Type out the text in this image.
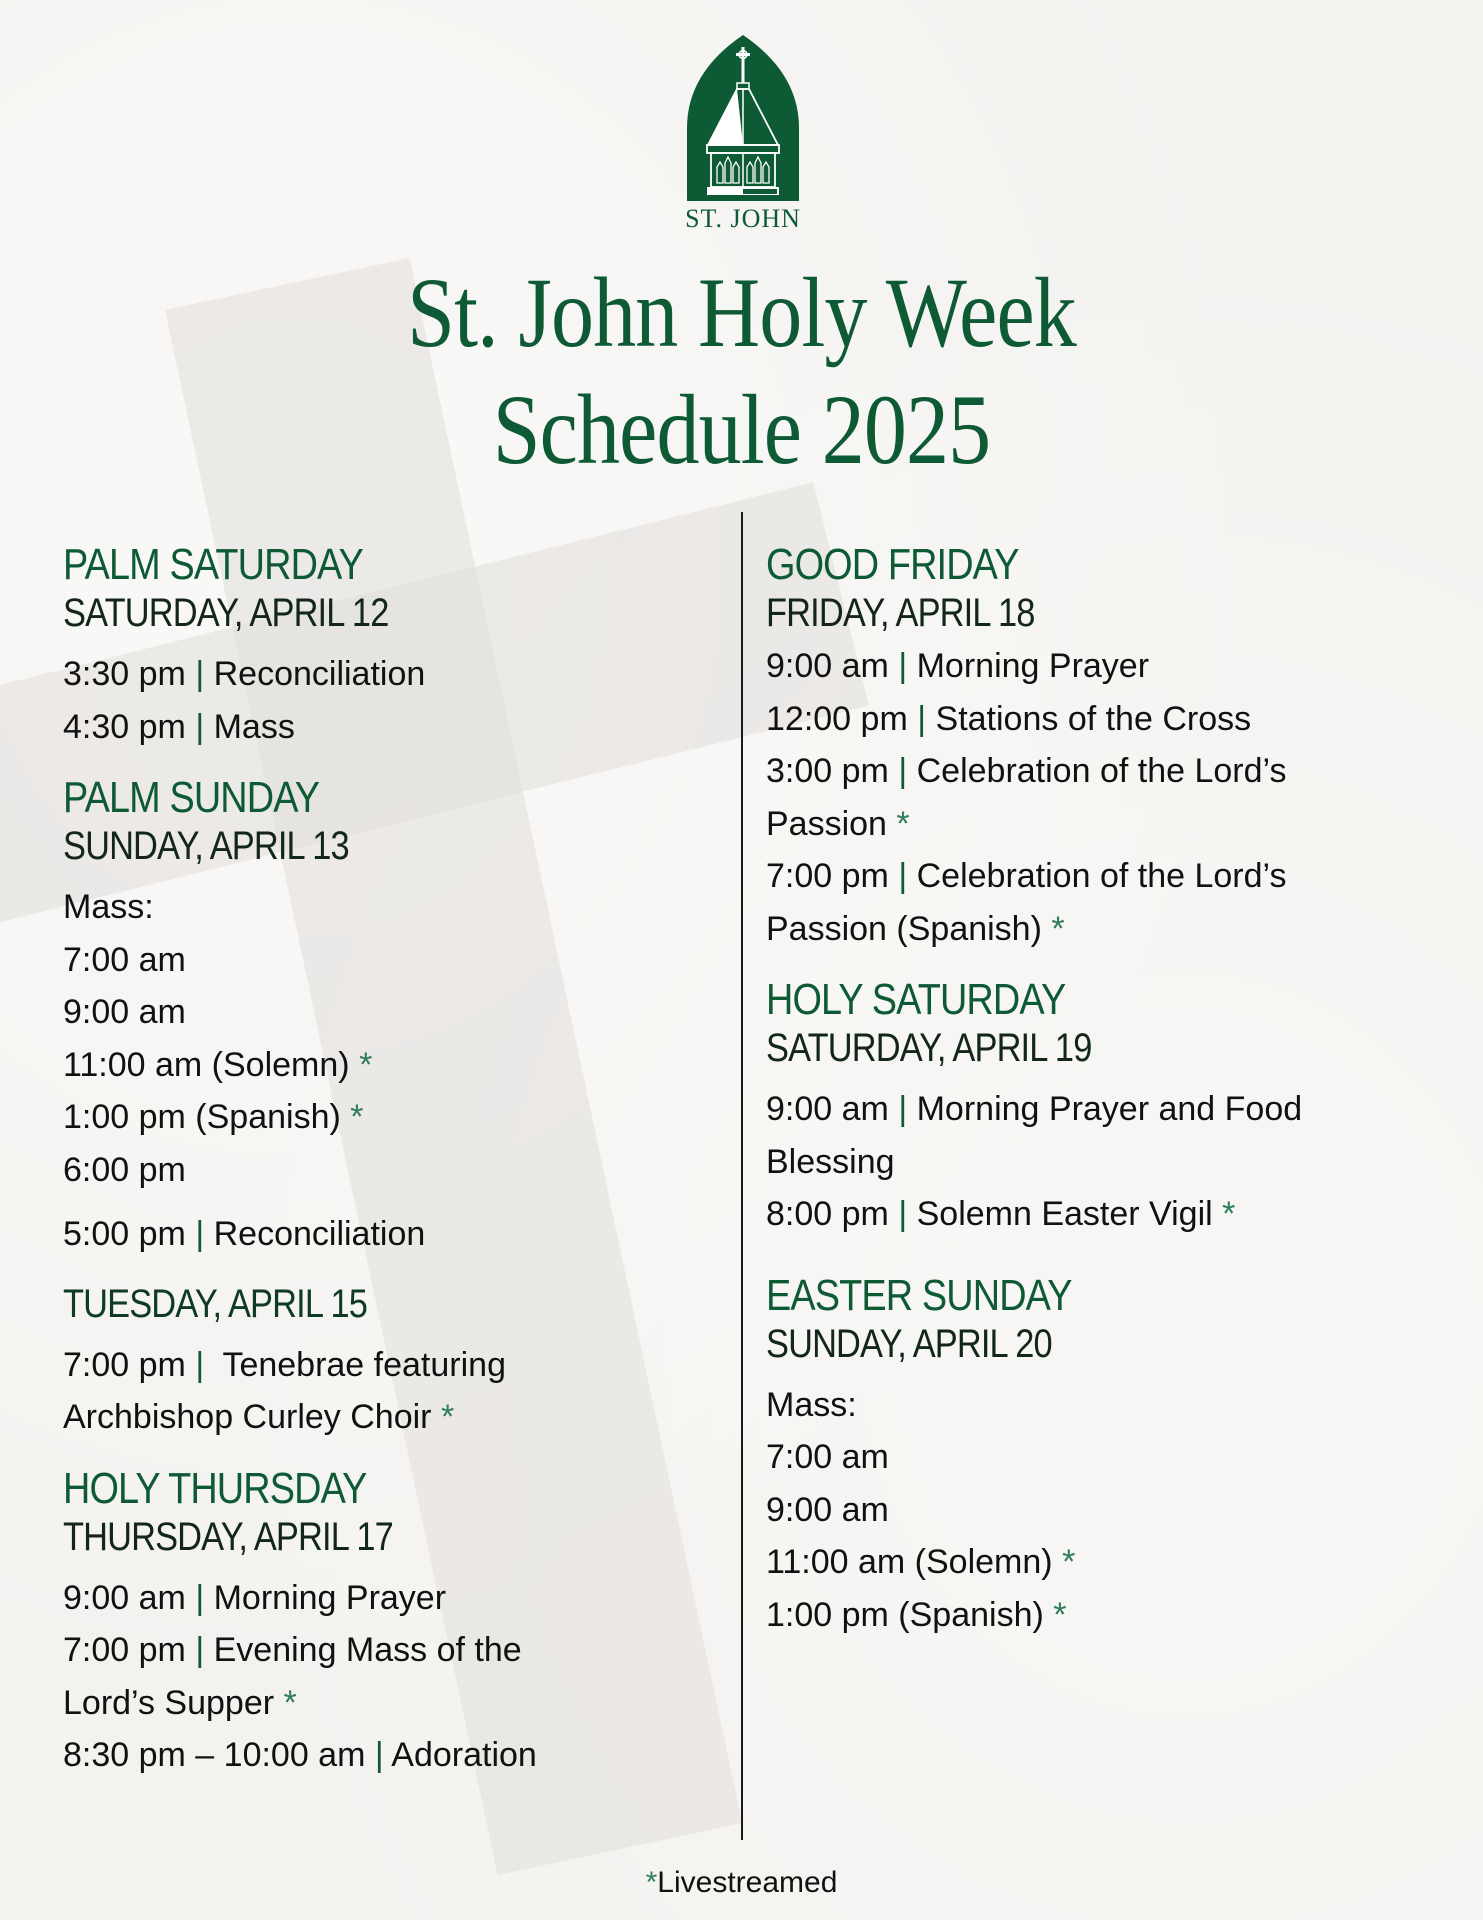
ST. JOHN
St. John Holy Week
Schedule 2025
PALM SATURDAY
SATURDAY, APRIL 12
3:30 pm | Reconciliation
4:30 pm | Mass
PALM SUNDAY
SUNDAY, APRIL 13
Mass:
7:00 am
9:00 am
11:00 am (Solemn) *
1:00 pm (Spanish) *
6:00 pm
5:00 pm | Reconciliation
TUESDAY, APRIL 15
7:00 pm |  Tenebrae featuring
Archbishop Curley Choir *
HOLY THURSDAY
THURSDAY, APRIL 17
9:00 am | Morning Prayer
7:00 pm | Evening Mass of the
Lord’s Supper *
8:30 pm – 10:00 am | Adoration
GOOD FRIDAY
FRIDAY, APRIL 18
9:00 am | Morning Prayer
12:00 pm | Stations of the Cross
3:00 pm | Celebration of the Lord’s
Passion *
7:00 pm | Celebration of the Lord’s
Passion (Spanish) *
HOLY SATURDAY
SATURDAY, APRIL 19
9:00 am | Morning Prayer and Food
Blessing
8:00 pm | Solemn Easter Vigil *
EASTER SUNDAY
SUNDAY, APRIL 20
Mass:
7:00 am
9:00 am
11:00 am (Solemn) *
1:00 pm (Spanish) *
*Livestreamed
